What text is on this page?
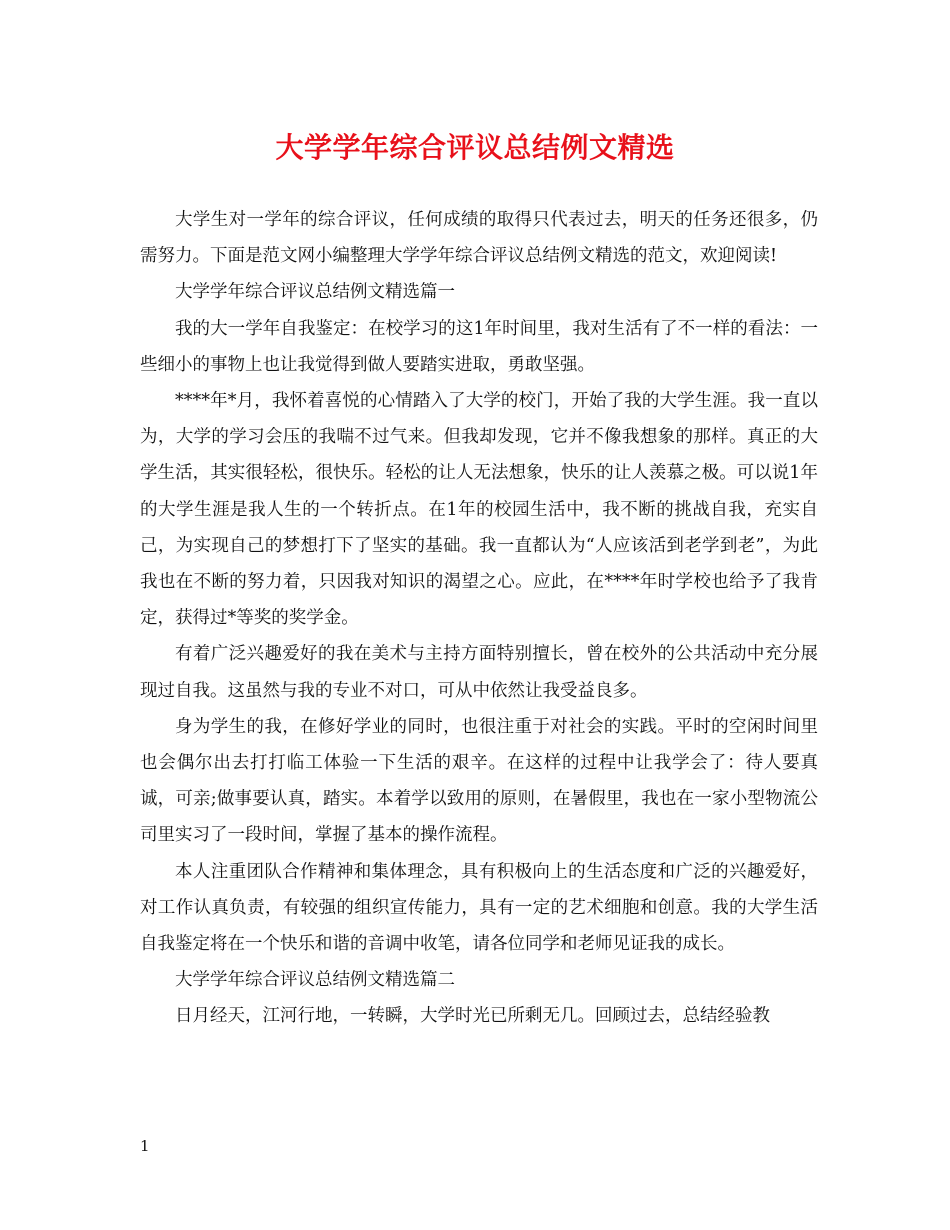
大学学年综合评议总结例文精选

大学生对一学年的综合评议，任何成绩的取得只代表过去，明天的任务还很多，仍需努力。下面是范文网小编整理大学学年综合评议总结例文精选的范文，欢迎阅读!

大学学年综合评议总结例文精选篇一

我的大一学年自我鉴定：在校学习的这1年时间里，我对生活有了不一样的看法：一些细小的事物上也让我觉得到做人要踏实进取，勇敢坚强。

****年*月，我怀着喜悦的心情踏入了大学的校门，开始了我的大学生涯。我一直以为，大学的学习会压的我喘不过气来。但我却发现，它并不像我想象的那样。真正的大学生活，其实很轻松，很快乐。轻松的让人无法想象，快乐的让人羡慕之极。可以说1年的大学生涯是我人生的一个转折点。在1年的校园生活中，我不断的挑战自我，充实自己，为实现自己的梦想打下了坚实的基础。我一直都认为“人应该活到老学到老”，为此我也在不断的努力着，只因我对知识的渴望之心。应此，在****年时学校也给予了我肯定，获得过*等奖的奖学金。

有着广泛兴趣爱好的我在美术与主持方面特别擅长，曾在校外的公共活动中充分展现过自我。这虽然与我的专业不对口，可从中依然让我受益良多。

身为学生的我，在修好学业的同时，也很注重于对社会的实践。平时的空闲时间里也会偶尔出去打打临工体验一下生活的艰辛。在这样的过程中让我学会了：待人要真诚，可亲;做事要认真，踏实。本着学以致用的原则，在暑假里，我也在一家小型物流公司里实习了一段时间，掌握了基本的操作流程。

本人注重团队合作精神和集体理念，具有积极向上的生活态度和广泛的兴趣爱好，对工作认真负责，有较强的组织宣传能力，具有一定的艺术细胞和创意。我的大学生活自我鉴定将在一个快乐和谐的音调中收笔，请各位同学和老师见证我的成长。

大学学年综合评议总结例文精选篇二

日月经天，江河行地，一转瞬，大学时光已所剩无几。回顾过去，总结经验教

1
